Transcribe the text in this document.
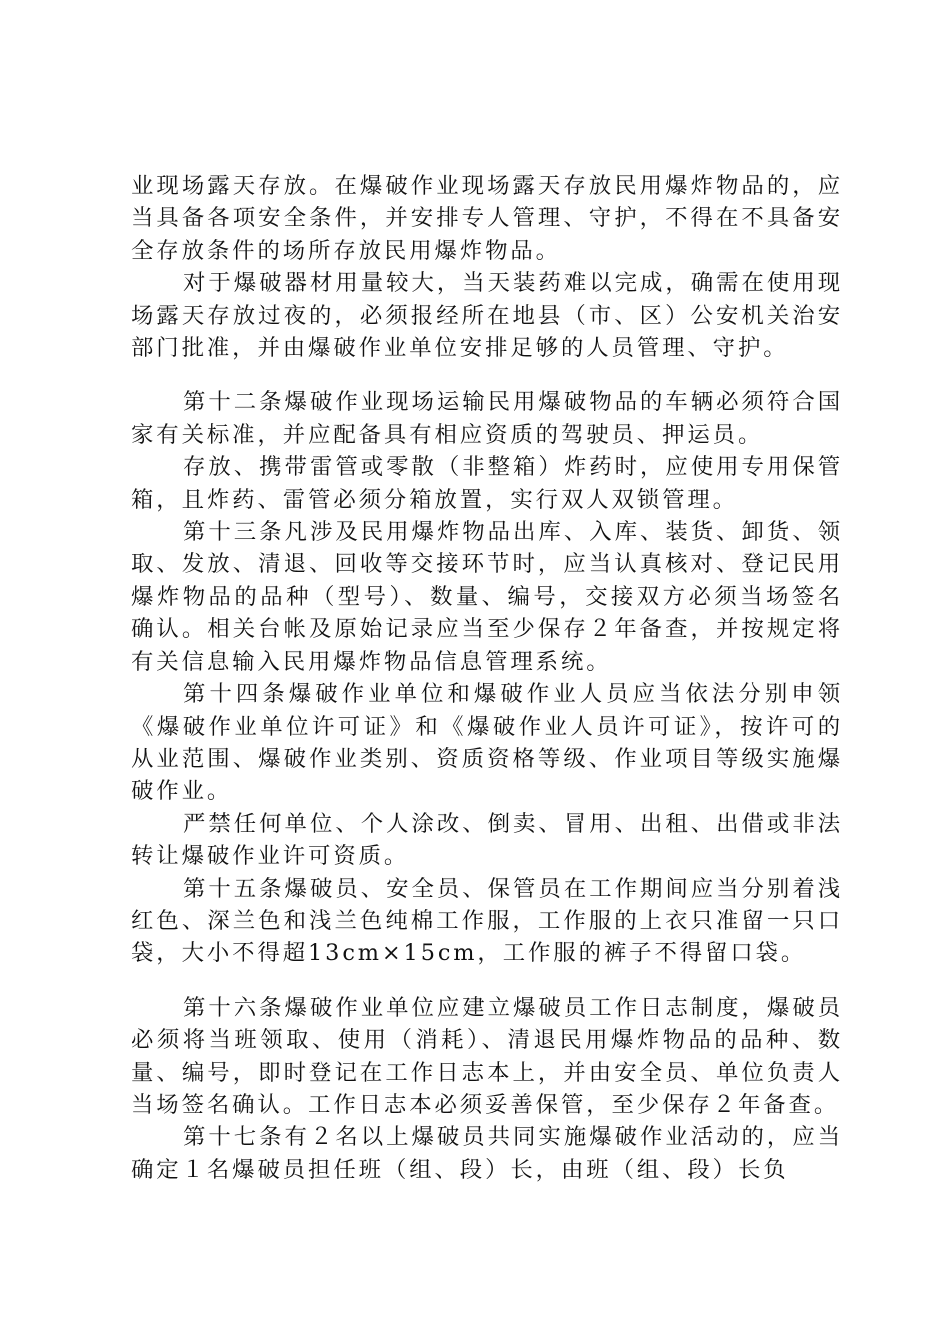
业现场露天存放。在爆破作业现场露天存放民用爆炸物品的，应当具备各项安全条件，并安排专人管理、守护，不得在不具备安全存放条件的场所存放民用爆炸物品。

对于爆破器材用量较大，当天装药难以完成，确需在使用现场露天存放过夜的，必须报经所在地县（市、区）公安机关治安部门批准，并由爆破作业单位安排足够的人员管理、守护。

第十二条爆破作业现场运输民用爆破物品的车辆必须符合国家有关标准，并应配备具有相应资质的驾驶员、押运员。

存放、携带雷管或零散（非整箱）炸药时，应使用专用保管箱，且炸药、雷管必须分箱放置，实行双人双锁管理。

第十三条凡涉及民用爆炸物品出库、入库、装货、卸货、领取、发放、清退、回收等交接环节时，应当认真核对、登记民用爆炸物品的品种（型号）、数量、编号，交接双方必须当场签名确认。相关台帐及原始记录应当至少保存２年备查，并按规定将有关信息输入民用爆炸物品信息管理系统。

第十四条爆破作业单位和爆破作业人员应当依法分别申领《爆破作业单位许可证》和《爆破作业人员许可证》，按许可的从业范围、爆破作业类别、资质资格等级、作业项目等级实施爆破作业。

严禁任何单位、个人涂改、倒卖、冒用、出租、出借或非法转让爆破作业许可资质。

第十五条爆破员、安全员、保管员在工作期间应当分别着浅红色、深兰色和浅兰色纯棉工作服，工作服的上衣只准留一只口袋，大小不得超13cm×15cm，工作服的裤子不得留口袋。

第十六条爆破作业单位应建立爆破员工作日志制度，爆破员必须将当班领取、使用（消耗）、清退民用爆炸物品的品种、数量、编号，即时登记在工作日志本上，并由安全员、单位负责人当场签名确认。工作日志本必须妥善保管，至少保存２年备查。

第十七条有２名以上爆破员共同实施爆破作业活动的，应当确定１名爆破员担任班（组、段）长，由班（组、段）长负
